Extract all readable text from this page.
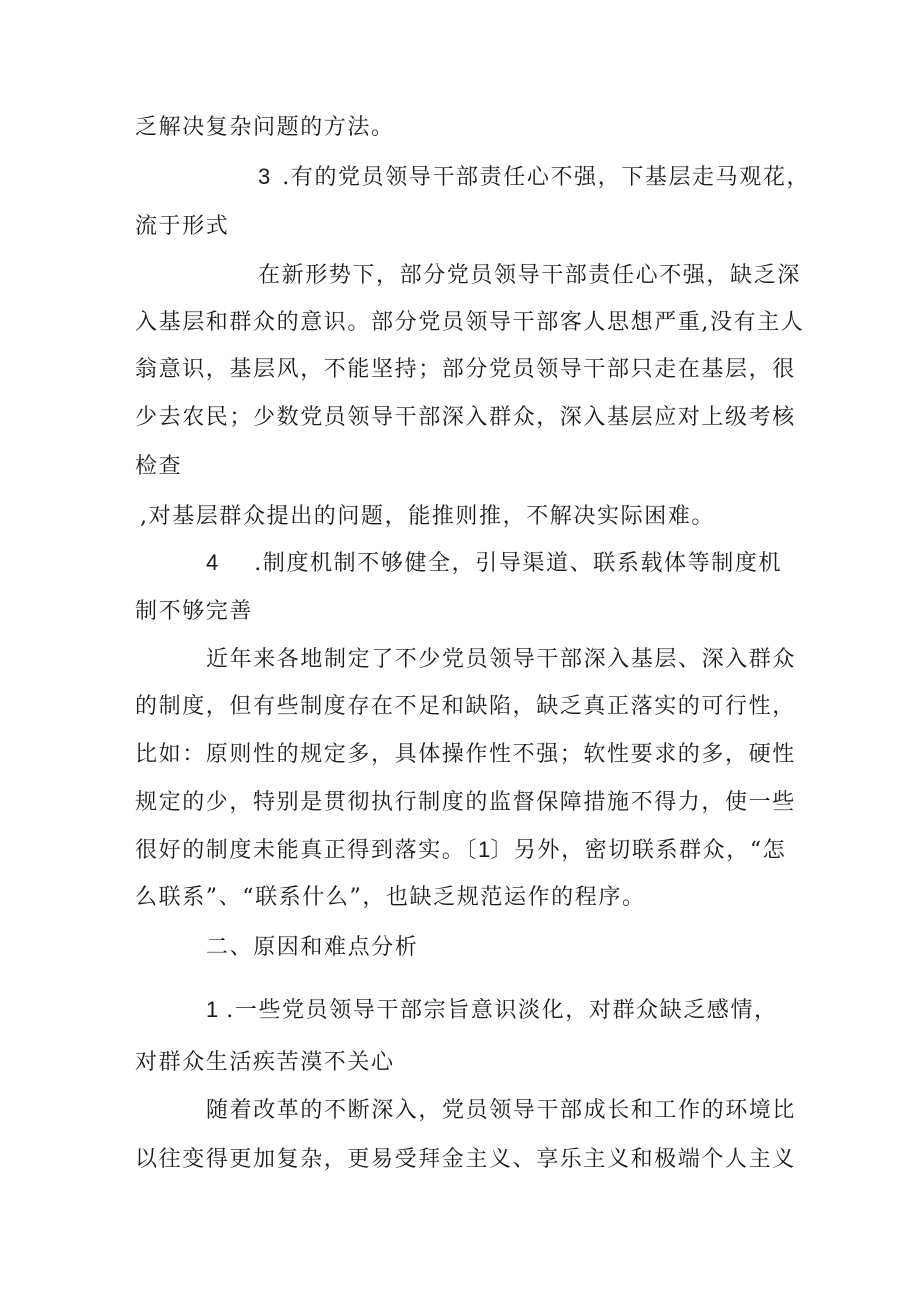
乏解决复杂问题的方法。
3 .有的党员领导干部责任心不强，下基层走马观花，
流于形式
在新形势下，部分党员领导干部责任心不强，缺乏深
入基层和群众的意识。部分党员领导干部客人思想严重,没有主人
翁意识，基层风，不能坚持；部分党员领导干部只走在基层，很
少去农民；少数党员领导干部深入群众，深入基层应对上级考核
检查
,对基层群众提出的问题，能推则推，不解决实际困难。
4 .制度机制不够健全，引导渠道、联系载体等制度机
制不够完善
近年来各地制定了不少党员领导干部深入基层、深入群众
的制度，但有些制度存在不足和缺陷，缺乏真正落实的可行性，
比如：原则性的规定多，具体操作性不强；软性要求的多，硬性
规定的少，特别是贯彻执行制度的监督保障措施不得力，使一些
很好的制度未能真正得到落实。〔1〕另外，密切联系群众，“怎
么联系”、“联系什么”，也缺乏规范运作的程序。
二、原因和难点分析
1 .一些党员领导干部宗旨意识淡化，对群众缺乏感情，
对群众生活疾苦漠不关心
随着改革的不断深入，党员领导干部成长和工作的环境比
以往变得更加复杂，更易受拜金主义、享乐主义和极端个人主义
